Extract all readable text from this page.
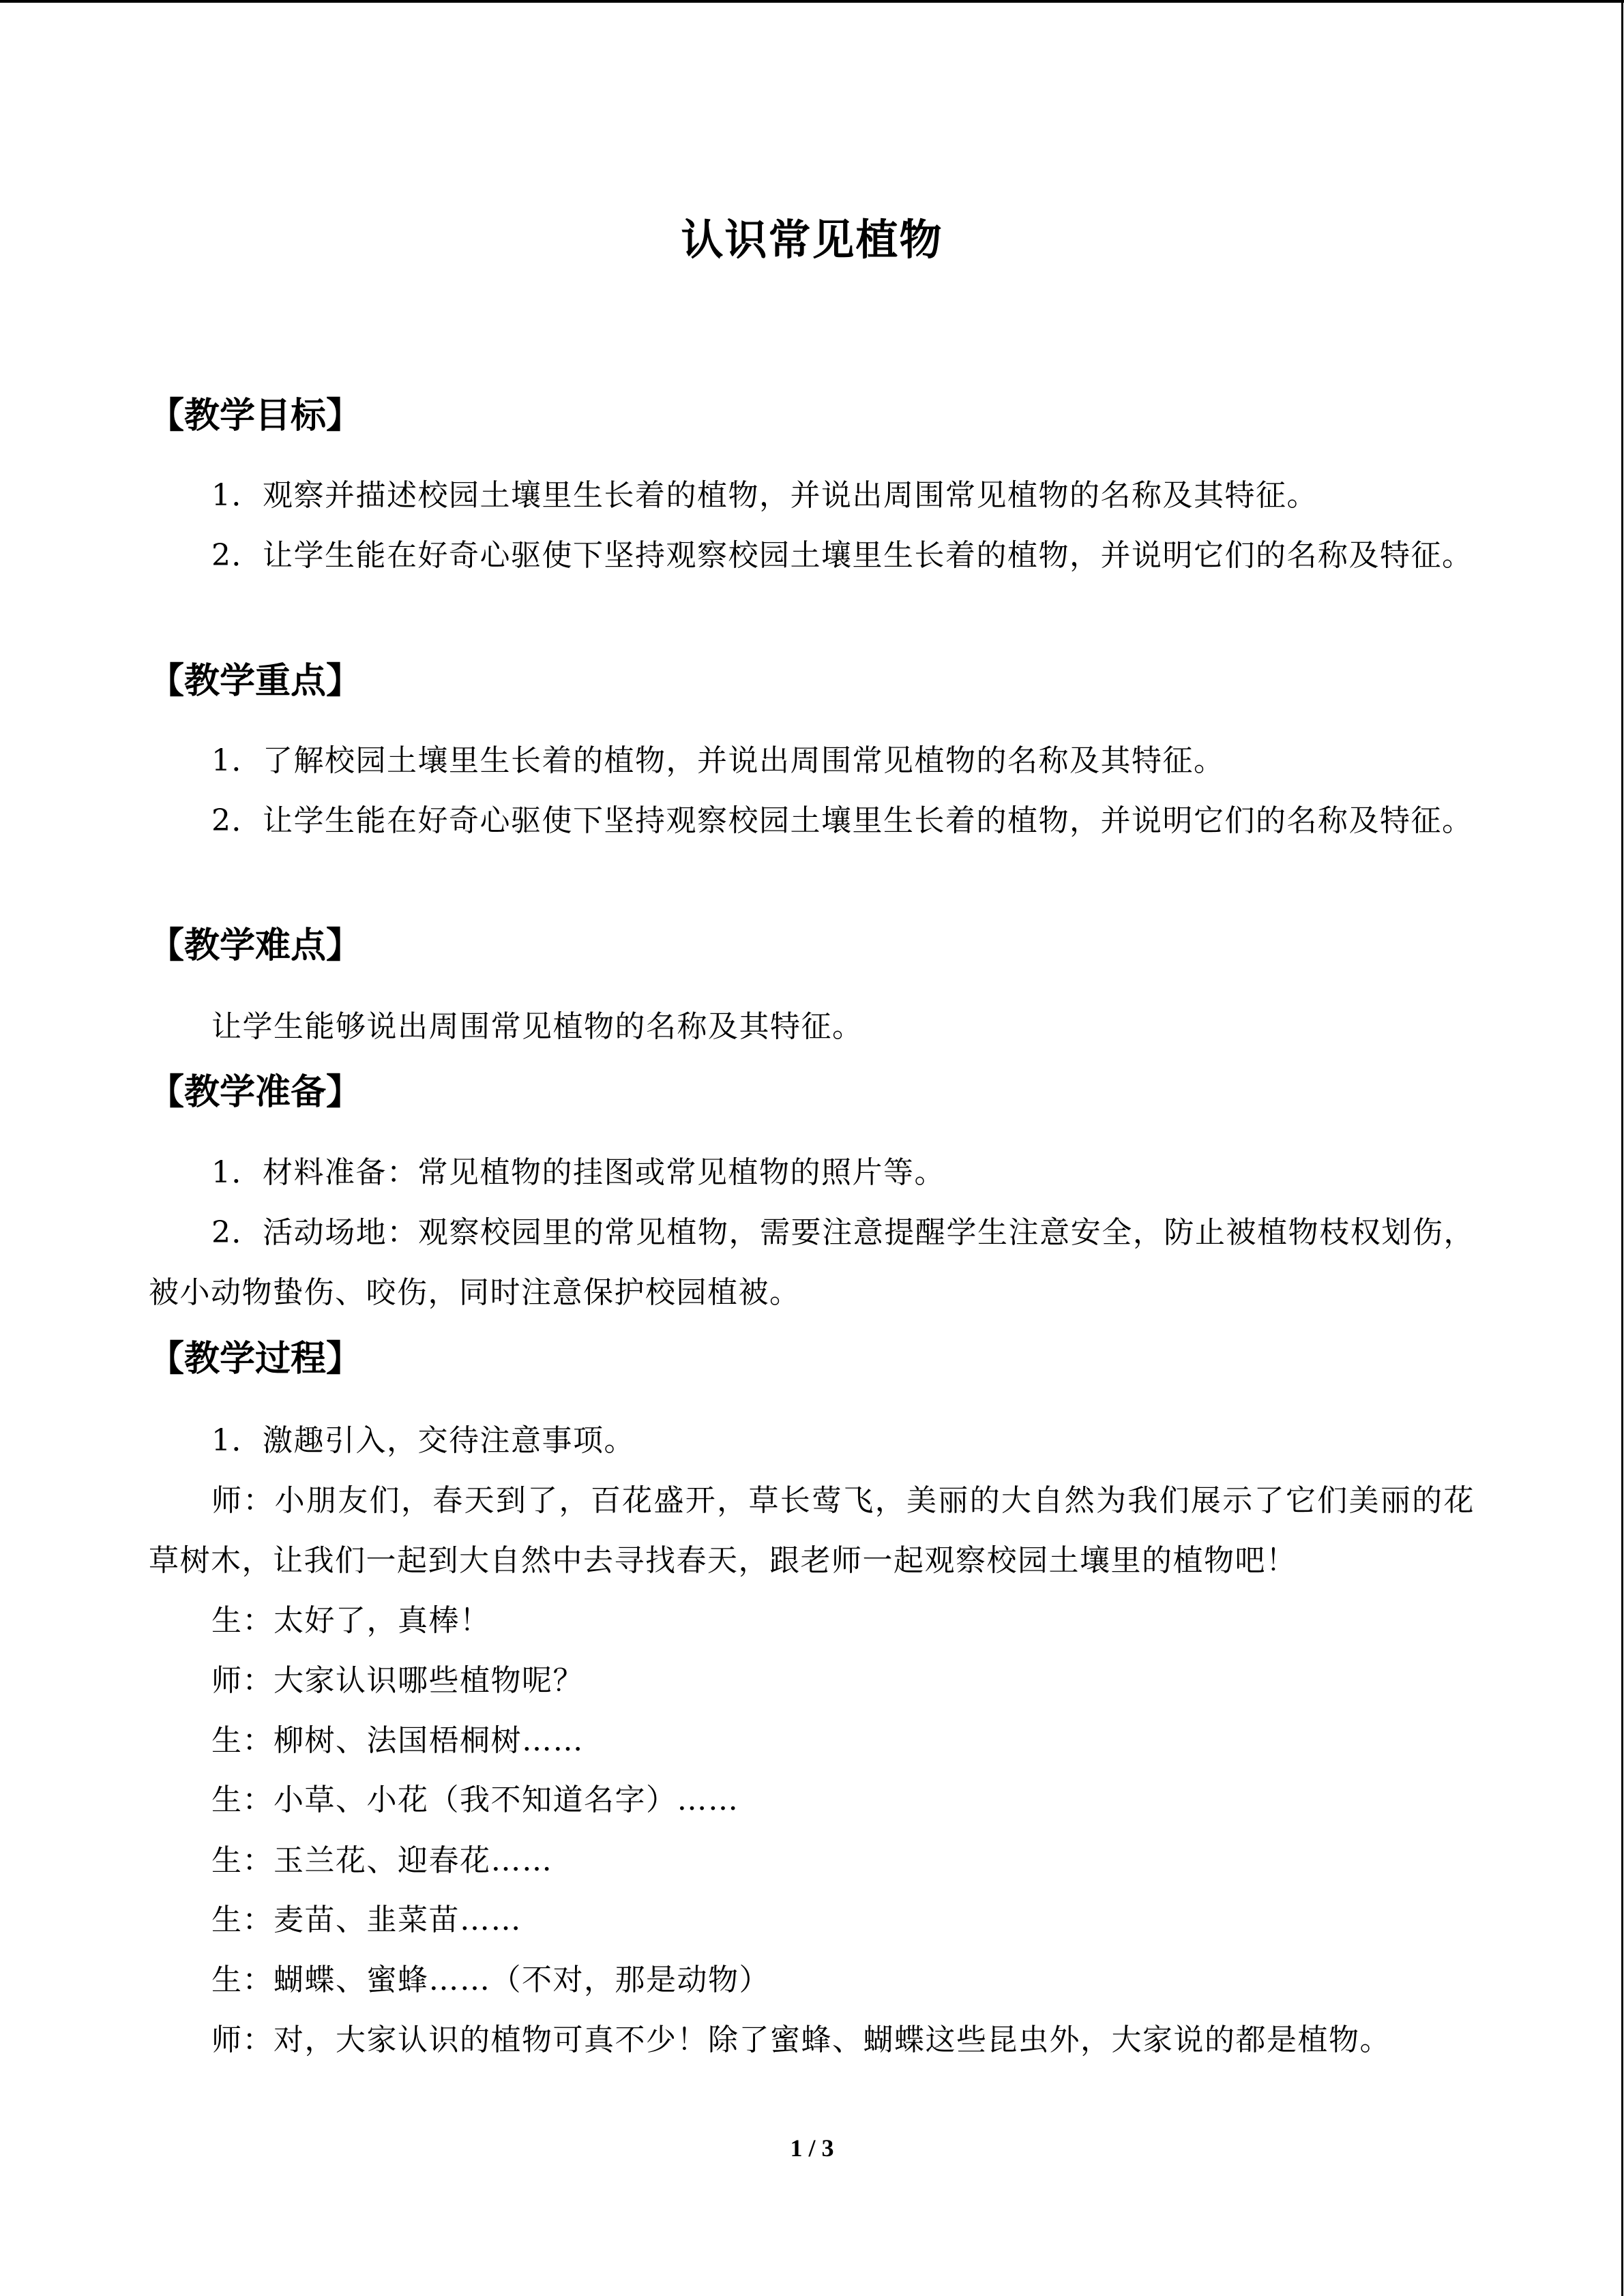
认识常见植物
【教学目标】
1．观察并描述校园土壤里生长着的植物，并说出周围常见植物的名称及其特征。
2．让学生能在好奇心驱使下坚持观察校园土壤里生长着的植物，并说明它们的名称及特征。
【教学重点】
1．了解校园土壤里生长着的植物，并说出周围常见植物的名称及其特征。
2．让学生能在好奇心驱使下坚持观察校园土壤里生长着的植物，并说明它们的名称及特征。
【教学难点】
让学生能够说出周围常见植物的名称及其特征。
【教学准备】
1．材料准备：常见植物的挂图或常见植物的照片等。
2．活动场地：观察校园里的常见植物，需要注意提醒学生注意安全，防止被植物枝权划伤，被小动物蛰伤、咬伤，同时注意保护校园植被。
【教学过程】
1．激趣引入，交待注意事项。
师：小朋友们，春天到了，百花盛开，草长莺飞，美丽的大自然为我们展示了它们美丽的花草树木，让我们一起到大自然中去寻找春天，跟老师一起观察校园土壤里的植物吧！
生：太好了，真棒！
师：大家认识哪些植物呢？
生：柳树、法国梧桐树……
生：小草、小花（我不知道名字）……
生：玉兰花、迎春花……
生：麦苗、韭菜苗……
生：蝴蝶、蜜蜂……（不对，那是动物）
师：对，大家认识的植物可真不少！除了蜜蜂、蝴蝶这些昆虫外，大家说的都是植物。
1 / 3
